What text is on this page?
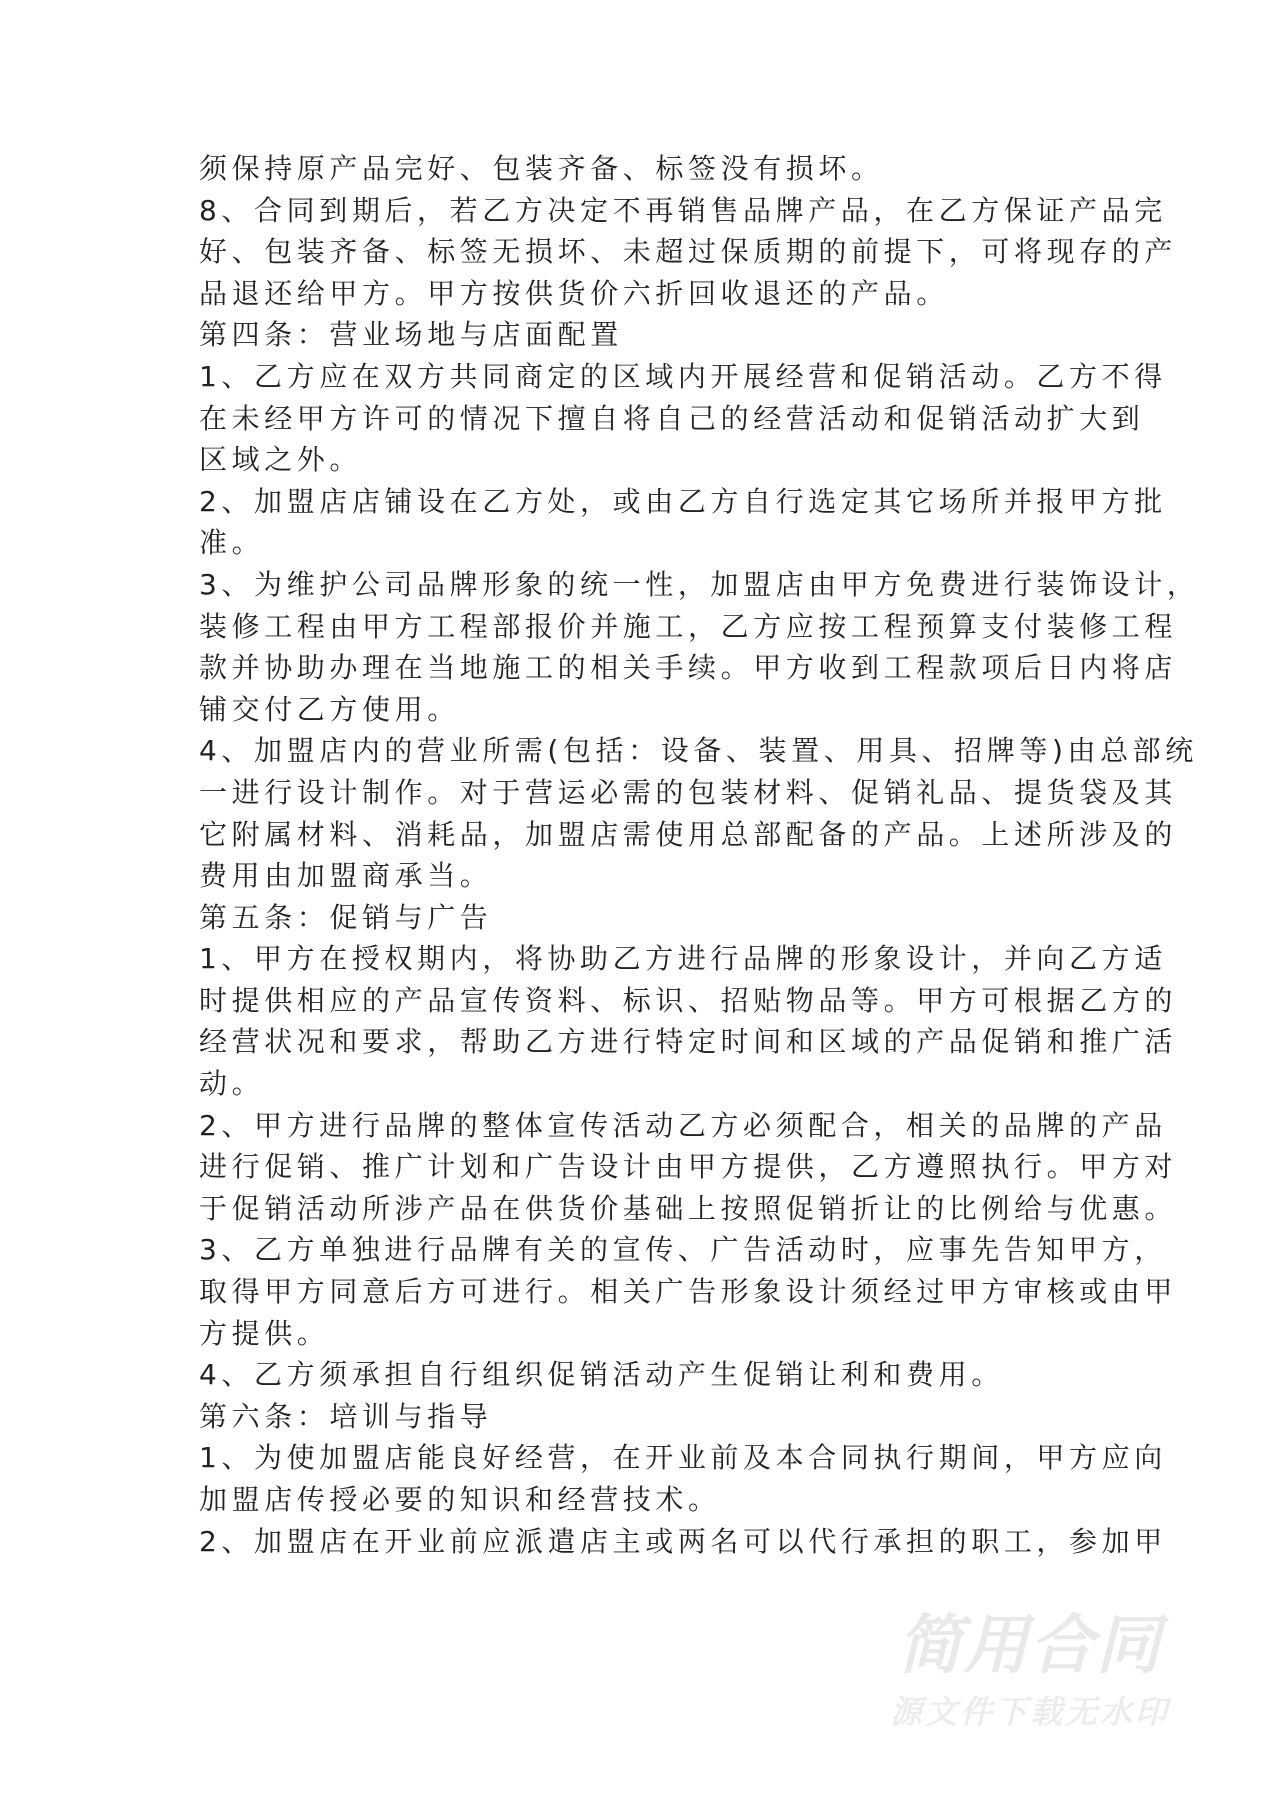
须保持原产品完好、包装齐备、标签没有损坏。
8、合同到期后，若乙方决定不再销售品牌产品，在乙方保证产品完
好、包装齐备、标签无损坏、未超过保质期的前提下，可将现存的产
品退还给甲方。甲方按供货价六折回收退还的产品。
第四条：营业场地与店面配置
1、乙方应在双方共同商定的区域内开展经营和促销活动。乙方不得
在未经甲方许可的情况下擅自将自己的经营活动和促销活动扩大到
区域之外。
2、加盟店店铺设在乙方处，或由乙方自行选定其它场所并报甲方批
准。
3、为维护公司品牌形象的统一性，加盟店由甲方免费进行装饰设计，
装修工程由甲方工程部报价并施工，乙方应按工程预算支付装修工程
款并协助办理在当地施工的相关手续。甲方收到工程款项后日内将店
铺交付乙方使用。
4、加盟店内的营业所需(包括：设备、装置、用具、招牌等)由总部统
一进行设计制作。对于营运必需的包装材料、促销礼品、提货袋及其
它附属材料、消耗品，加盟店需使用总部配备的产品。上述所涉及的
费用由加盟商承当。
第五条：促销与广告
1、甲方在授权期内，将协助乙方进行品牌的形象设计，并向乙方适
时提供相应的产品宣传资料、标识、招贴物品等。甲方可根据乙方的
经营状况和要求，帮助乙方进行特定时间和区域的产品促销和推广活
动。
2、甲方进行品牌的整体宣传活动乙方必须配合，相关的品牌的产品
进行促销、推广计划和广告设计由甲方提供，乙方遵照执行。甲方对
于促销活动所涉产品在供货价基础上按照促销折让的比例给与优惠。
3、乙方单独进行品牌有关的宣传、广告活动时，应事先告知甲方，
取得甲方同意后方可进行。相关广告形象设计须经过甲方审核或由甲
方提供。
4、乙方须承担自行组织促销活动产生促销让利和费用。
第六条：培训与指导
1、为使加盟店能良好经营，在开业前及本合同执行期间，甲方应向
加盟店传授必要的知识和经营技术。
2、加盟店在开业前应派遣店主或两名可以代行承担的职工，参加甲
简用合同
源文件下载无水印
